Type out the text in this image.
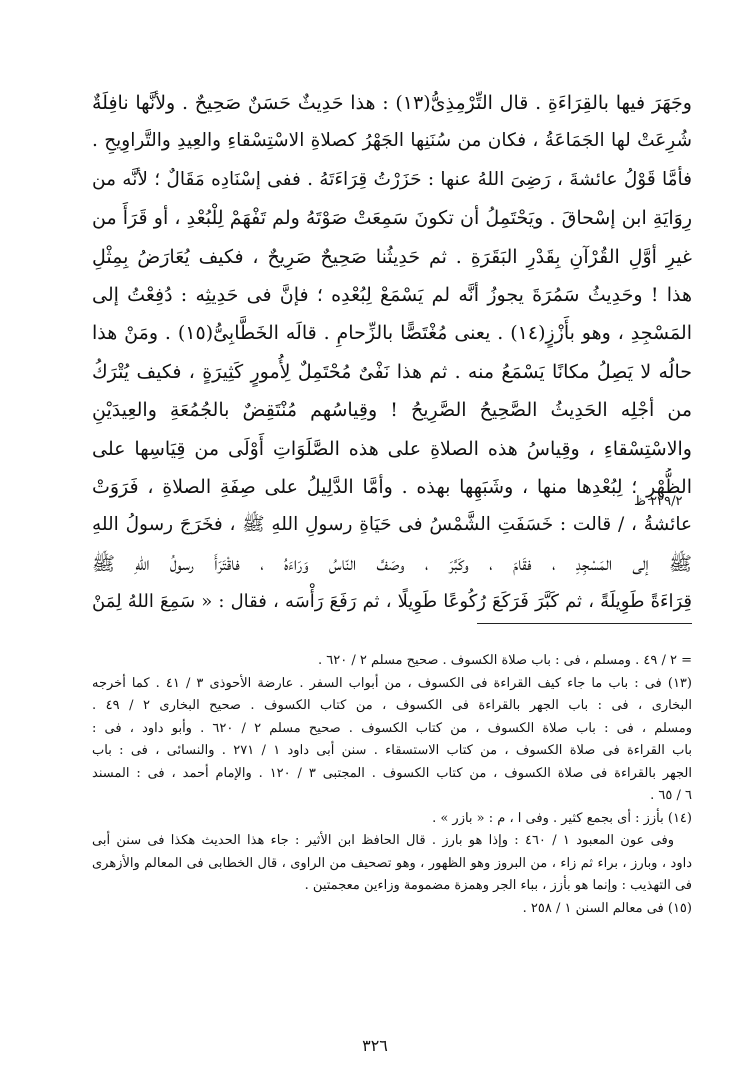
وجَهَرَ فيها بالقِرَاءَةِ . قال التِّرْمِذِىُّ(١٣) : هذا حَدِيثٌ حَسَنٌ صَحِيحٌ . ولأنَّها نافِلَةٌ
شُرِعَتْ لها الجَمَاعَةُ ، فكان من سُنَنِها الجَهْرُ كصلاةِ الاسْتِسْقاءِ والعِيدِ والتَّراوِيحِ .
فأمَّا قَوْلُ عائشةَ ، رَضِىَ اللهُ عنها : حَزَرْتُ قِرَاءَتَهُ . ففى إسْنَادِه مَقَالٌ ؛ لأنَّه من
رِوَايَةِ ابن إسْحاقَ . ويَحْتَمِلُ أن تكونَ سَمِعَتْ صَوْتَهُ ولم تَفْهَمْ لِلْبُعْدِ ، أو قَرَأَ من
غيرِ أوَّلِ القُرْآنِ بِقَدْرِ البَقَرَةِ . ثم حَدِيثُنا صَحِيحٌ صَرِيحٌ ، فكيف يُعَارَضُ بِمِثْلِ
هذا ! وحَدِيثُ سَمُرَةَ يجوزُ أنَّه لم يَسْمَعْ لِبُعْدِه ؛ فإنَّ فى حَدِيثِه : دُفِعْتُ إلى
المَسْجِدِ ، وهو بأَزْزٍ(١٤) . يعنى مُغْتَصًّا بالزِّحامِ . قالَه الخَطَّابِىُّ(١٥) . ومَنْ هذا
حالُه لا يَصِلُ مكانًا يَسْمَعُ منه . ثم هذا نَفْىٌ مُحْتَمِلٌ لِأُمورٍ كَثِيرَةٍ ، فكيف يُتْرَكُ
من أجْلِه الحَدِيثُ الصَّحِيحُ الصَّرِيحُ ! وقِياسُهم مُنْتَقِضٌ بالجُمُعَةِ والعِيدَيْنِ
والاسْتِسْقاءِ ، وقِياسُ هذه الصلاةِ على هذه الصَّلَوَاتِ أَوْلَى من قِيَاسِها على
الظُّهْرِ ؛ لِبُعْدِها منها ، وشَبَهِها بهذه . وأمَّا الدَّلِيلُ على صِفَةِ الصلاةِ ، فَرَوَتْ
عائشةُ ، / قالت : خَسَفَتِ الشَّمْسُ فى حَيَاةِ رسولِ اللهِ ﷺ ، فخَرَجَ رسولُ اللهِ
ﷺ إلى المَسْجِدِ ، فقَامَ ، وكَبَّرَ ، وصَفَّ النّاسُ وَرَاءَهُ ، فاقْتَرَأَ رسولُ اللهِ ﷺ
قِرَاءَةً طَوِيلَةً ، ثم كَبَّرَ فَرَكَعَ رُكُوعًا طَوِيلًا ، ثم رَفَعَ رَأْسَه ، فقال : « سَمِعَ اللهُ لِمَنْ
٢٢٩/٢ ظ
= ٢ / ٤٩ . ومسلم ، فى : باب صلاة الكسوف . صحيح مسلم ٢ / ٦٢٠ .
(١٣) فى : باب ما جاء كيف القراءة فى الكسوف ، من أبواب السفر . عارضة الأحوذى ٣ / ٤١ . كما أخرجه
البخارى ، فى : باب الجهر بالقراءة فى الكسوف ، من كتاب الكسوف . صحيح البخارى ٢ / ٤٩ .
ومسلم ، فى : باب صلاة الكسوف ، من كتاب الكسوف . صحيح مسلم ٢ / ٦٢٠ . وأبو داود ، فى :
باب القراءة فى صلاة الكسوف ، من كتاب الاستسقاء . سنن أبى داود ١ / ٢٧١ . والنسائى ، فى : باب
الجهر بالقراءة فى صلاة الكسوف ، من كتاب الكسوف . المجتبى ٣ / ١٢٠ . والإمام أحمد ، فى : المسند
٦ / ٦٥ .
(١٤) بأزز : أى بجمع كثير . وفى ا ، م : « بازر » .
وفى عون المعبود ١ / ٤٦٠ : وإذا هو بارز . قال الحافظ ابن الأثير : جاء هذا الحديث هكذا فى سنن أبى
داود ، وبارز ، براء ثم زاء ، من البروز وهو الظهور ، وهو تصحيف من الراوى ، قال الخطابى فى المعالم والأزهرى
فى التهذيب : وإنما هو بأزز ، بباء الجر وهمزة مضمومة وزاءين معجمتين .
(١٥) فى معالم السنن ١ / ٢٥٨ .
٣٢٦
